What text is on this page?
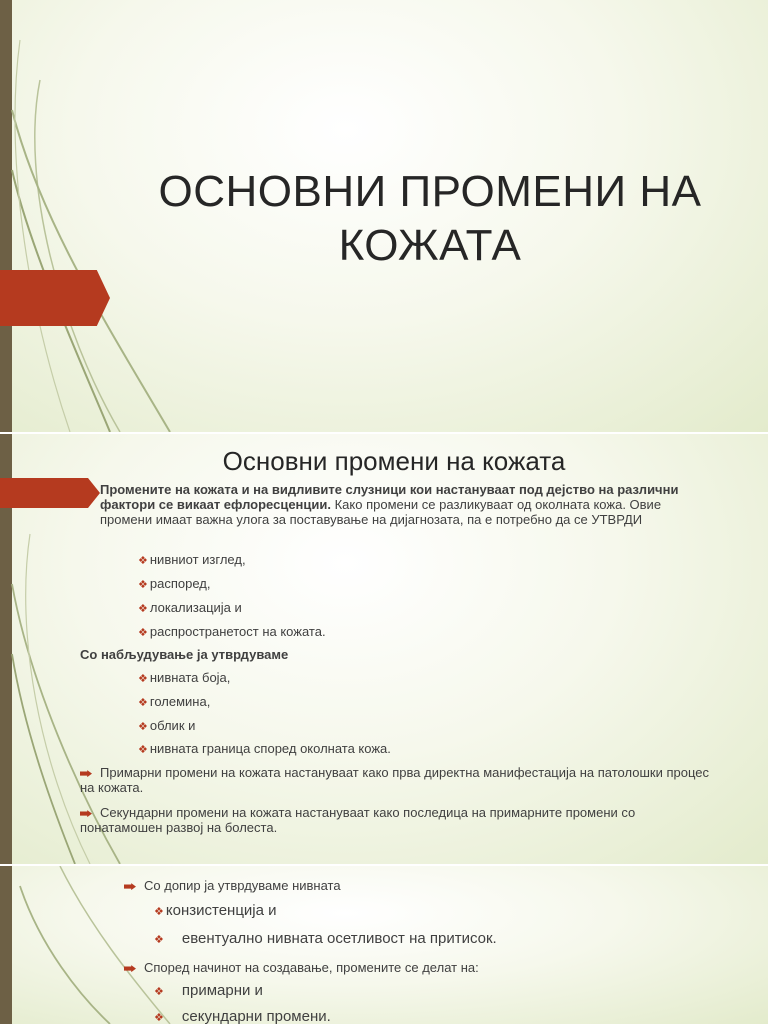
ОСНОВНИ ПРОМЕНИ НА
КОЖАТА
Основни промени на кожата
Промените на кожата и на видливите слузници кои настануваат под дејство на различни фактори се викаат ефлоресценции. Како промени се разликуваат од околната кожа. Овие промени имаат важна улога за поставување на дијагнозата, па е потребно да се УТВРДИ
❖ нивниот изглед,
❖ распоред,
❖ локализација и
❖ распространетост на кожата.
Со набљудување ја утврдуваме
❖ нивната боја,
❖ големина,
❖ облик и
❖ нивната граница според околната кожа.
Примарни промени на кожата настануваат како прва директна манифестација на патолошки процес на кожата.
Секундарни промени на кожата настануваат како последица на примарните промени со понатамошен развој на болеста.
Со допир ја утврдуваме нивната
❖ конзистенција и
❖ евентуално нивната осетливост на притисок.
Според начинот на создавање, промените се делат на:
❖ примарни и
❖ секундарни промени.
